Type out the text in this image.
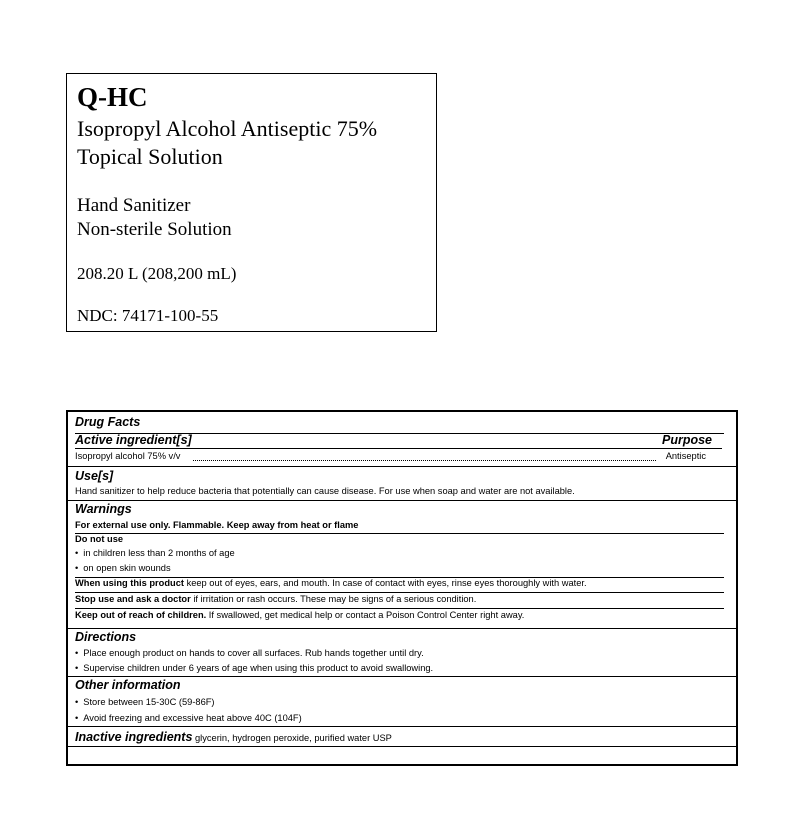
Q-HC
Isopropyl Alcohol Antiseptic 75%
Topical Solution
Hand Sanitizer
Non-sterile Solution
208.20 L (208,200 mL)
NDC: 74171-100-55
Drug Facts
Active ingredient[s]	Purpose
Isopropyl alcohol 75% v/v	Antiseptic
Use[s]
Hand sanitizer to help reduce bacteria that potentially can cause disease. For use when soap and water are not available.
Warnings
For external use only. Flammable. Keep away from heat or flame
Do not use
• in children less than 2 months of age
• on open skin wounds
When using this product keep out of eyes, ears, and mouth. In case of contact with eyes, rinse eyes thoroughly with water.
Stop use and ask a doctor if irritation or rash occurs. These may be signs of a serious condition.
Keep out of reach of children. If swallowed, get medical help or contact a Poison Control Center right away.
Directions
• Place enough product on hands to cover all surfaces. Rub hands together until dry.
• Supervise children under 6 years of age when using this product to avoid swallowing.
Other information
• Store between 15-30C (59-86F)
• Avoid freezing and excessive heat above 40C (104F)
Inactive ingredients glycerin, hydrogen peroxide, purified water USP
